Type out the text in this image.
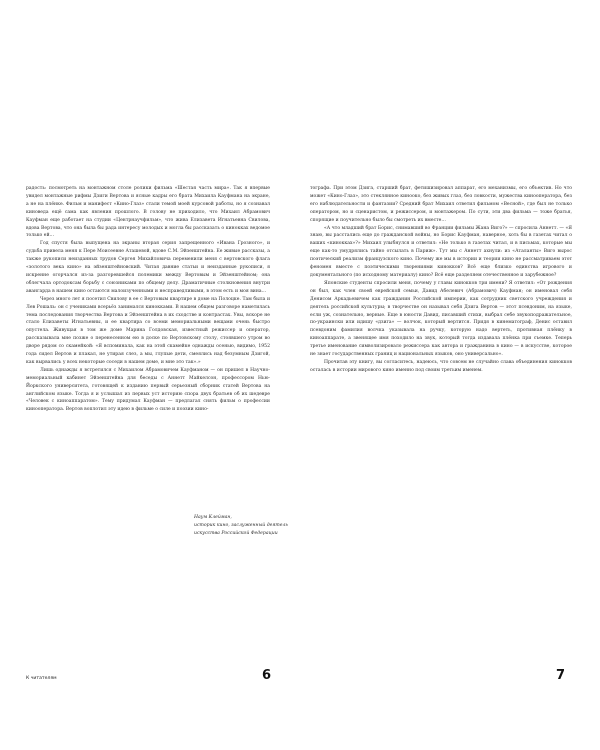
радость: посмотреть на монтажном столе ролики фильма «Шестая часть мира». Так я впервые увидел монтажные рифмы Дзиги Вертова и ясные кадры его брата Михаила Кауфмана на экране, а не на плёнке. Фильм и манифест «Кино-Глаз» стали темой моей курсовой работы, но я сознавал киноведа ещё сама как явления прошлого. В голову не приходило, что Михаил Абрамович Кауфман еще работает на студии «Центрнаучфильм», что жива Елизавета Игнатьевна Свилова, вдова Вертова, что она была бы рада интересу молодых и могла бы рассказать о кинокках ведомое только ей…

Год спустя была выпущена на экраны вторая серия запрещенного «Ивана Грозного», и судьба привела меня к Пере Моисеевне Аташевой, вдове С.М. Эйзенштейна. Ее живые рассказы, а также рукописи неизданных трудов Сергея Михайловича переменили меня с вертовского флага «золотого века кино» на эйзенштейновский. Читая давние статьи и неизданные рукописи, я искренне огорчался из-за разгоревшейся полемики между Вертовым и Эйзенштейном; она облегчала ортодоксам борьбу с союзниками по общему делу. Драматичные столкновения внутри авангарда в нашем кино остаются малоизученными и несправедливыми, в этом есть и моя вина…

Через много лет я посетил Свилову в ее с Вертовым квартире в доме на Полоцке. Там была и Лев Рошаль: он с учениками всерьёз занимался кинокками. В нашем общем разговоре наметилась тема последования творчества Вертова и Эйзенштейна в их сходстве и контрастах. Увы, вскоре не стало Елизаветы Игнатьевны, и ее квартира со всеми мемориальными вещами очень быстро опустела. Живущая в том же доме Марина Голдовская, известный режиссер и оператор, рассказывала мне позже о перенесенном ею в доске по Вертовскому столу, стоявшего утром во дворе рядом со скамейкой: «Я вспоминала, как на этой скамейке однажды осенью, видимо, 1952 года сидел Вертов и плакал, не утирая слез, а мы, глупые дети, смеялись над безумным Дзигой, как вырвались у всех некоторые соседи в нашем доме, и мне это так».»

Лишь однажды я встретился с Михаилом Абрамовичем Кауфманом — он пришел в Научно-мемориальный кабинет Эйзенштейна для беседы с Аннетт Майкелсон, профессором Нью-Йоркского университета, готовящей к изданию первый серьезный сборник статей Вертова на английском языке. Тогда я и услышал из первых уст историю спора двух братьев об их шедевре «Человек с киноаппаратом». Тему придумал Кауфман — предлагал снять фильм о профессии кинооператора. Вертов воплотил эту идею в фильме о силе и поэзии кино-

К читателям	6

тографа. При этом Дзига, старший брат, фетишизировал аппарат, его механизмы, его объектив. Но что может «Кино-Глаз», это стеклянное кинооко, без живых глаз, без ловкости, мужества кинооператора, без его наблюдательности и фантазии? Средний брат Михаил ответил фильмом «Весной», где был не только оператором, но и сценаристом, и режиссером, и монтажером. По сути, эти два фильма — тоже братья, спорящие и поучительно было бы смотреть их вместе…

«А что младший брат Борис, снимавший во Франции фильмы Жана Виго?» — спросила Аннетт. — «Я знаю, вы расстались еще до гражданской войны, но Борис Кауфман, наверное, хоть бы в газетах читал о ваших «кинокках»?» Михаил улыбнулся и ответил: «Не только в газетах читал, и в письмах, которые мы еще как-то умудрялись тайно отсылать в Париж». Тут мы с Аннетт ахнули: из «Аталанты» Виго вырос поэтический реализм французского кино. Почему же мы в истории и теории кино не рассматриваем этот феномен вместе с поэтическими творениями кинокков? Всё еще близко единства игрового и документального (по исходному материалу) кино? Всё еще разделяем отечественное и зарубежное?

Японские студенты спросили меня, почему у главы кинокков три имени? Я ответил: «От рождения он был, как член своей еврейской семьи, Давид Абелевич (Абрамович) Кауфман; он именовал себя Денисом Аркадьевичем как гражданин Российской империи, как сотрудник светского учреждения и деятель российской культуры; в творчестве он называл себя Дзига Вертов — этот псевдоним, на языке, если уж, сознательно, верные. Еще в юности Давид, писавший стихи, выбрал себе звукоподражательное, по-украински или идишу «дзига» — волчок, который вертится. Придя в кинематограф, Денис оставил псевдоним фамилия волчка указывала на ручку, которую надо вертеть, противная плёнку в киноаппарате, а звенящее имя походило на звук, который тогда издавала плёнка при съемке. Теперь третье именование символизировало режиссера как автора и гражданина в кино — в искусстве, которое не знает государственных границ и национальных языков, оно универсально».

Прочитав эту книгу, вы согласитесь, надеюсь, что совсем не случайно слава объединения кинокков осталась в истории мирового кино именно под своим третьим именем.

7
Наум Клейман,
историк кино, заслуженный деятель
искусства Российской Федерации
